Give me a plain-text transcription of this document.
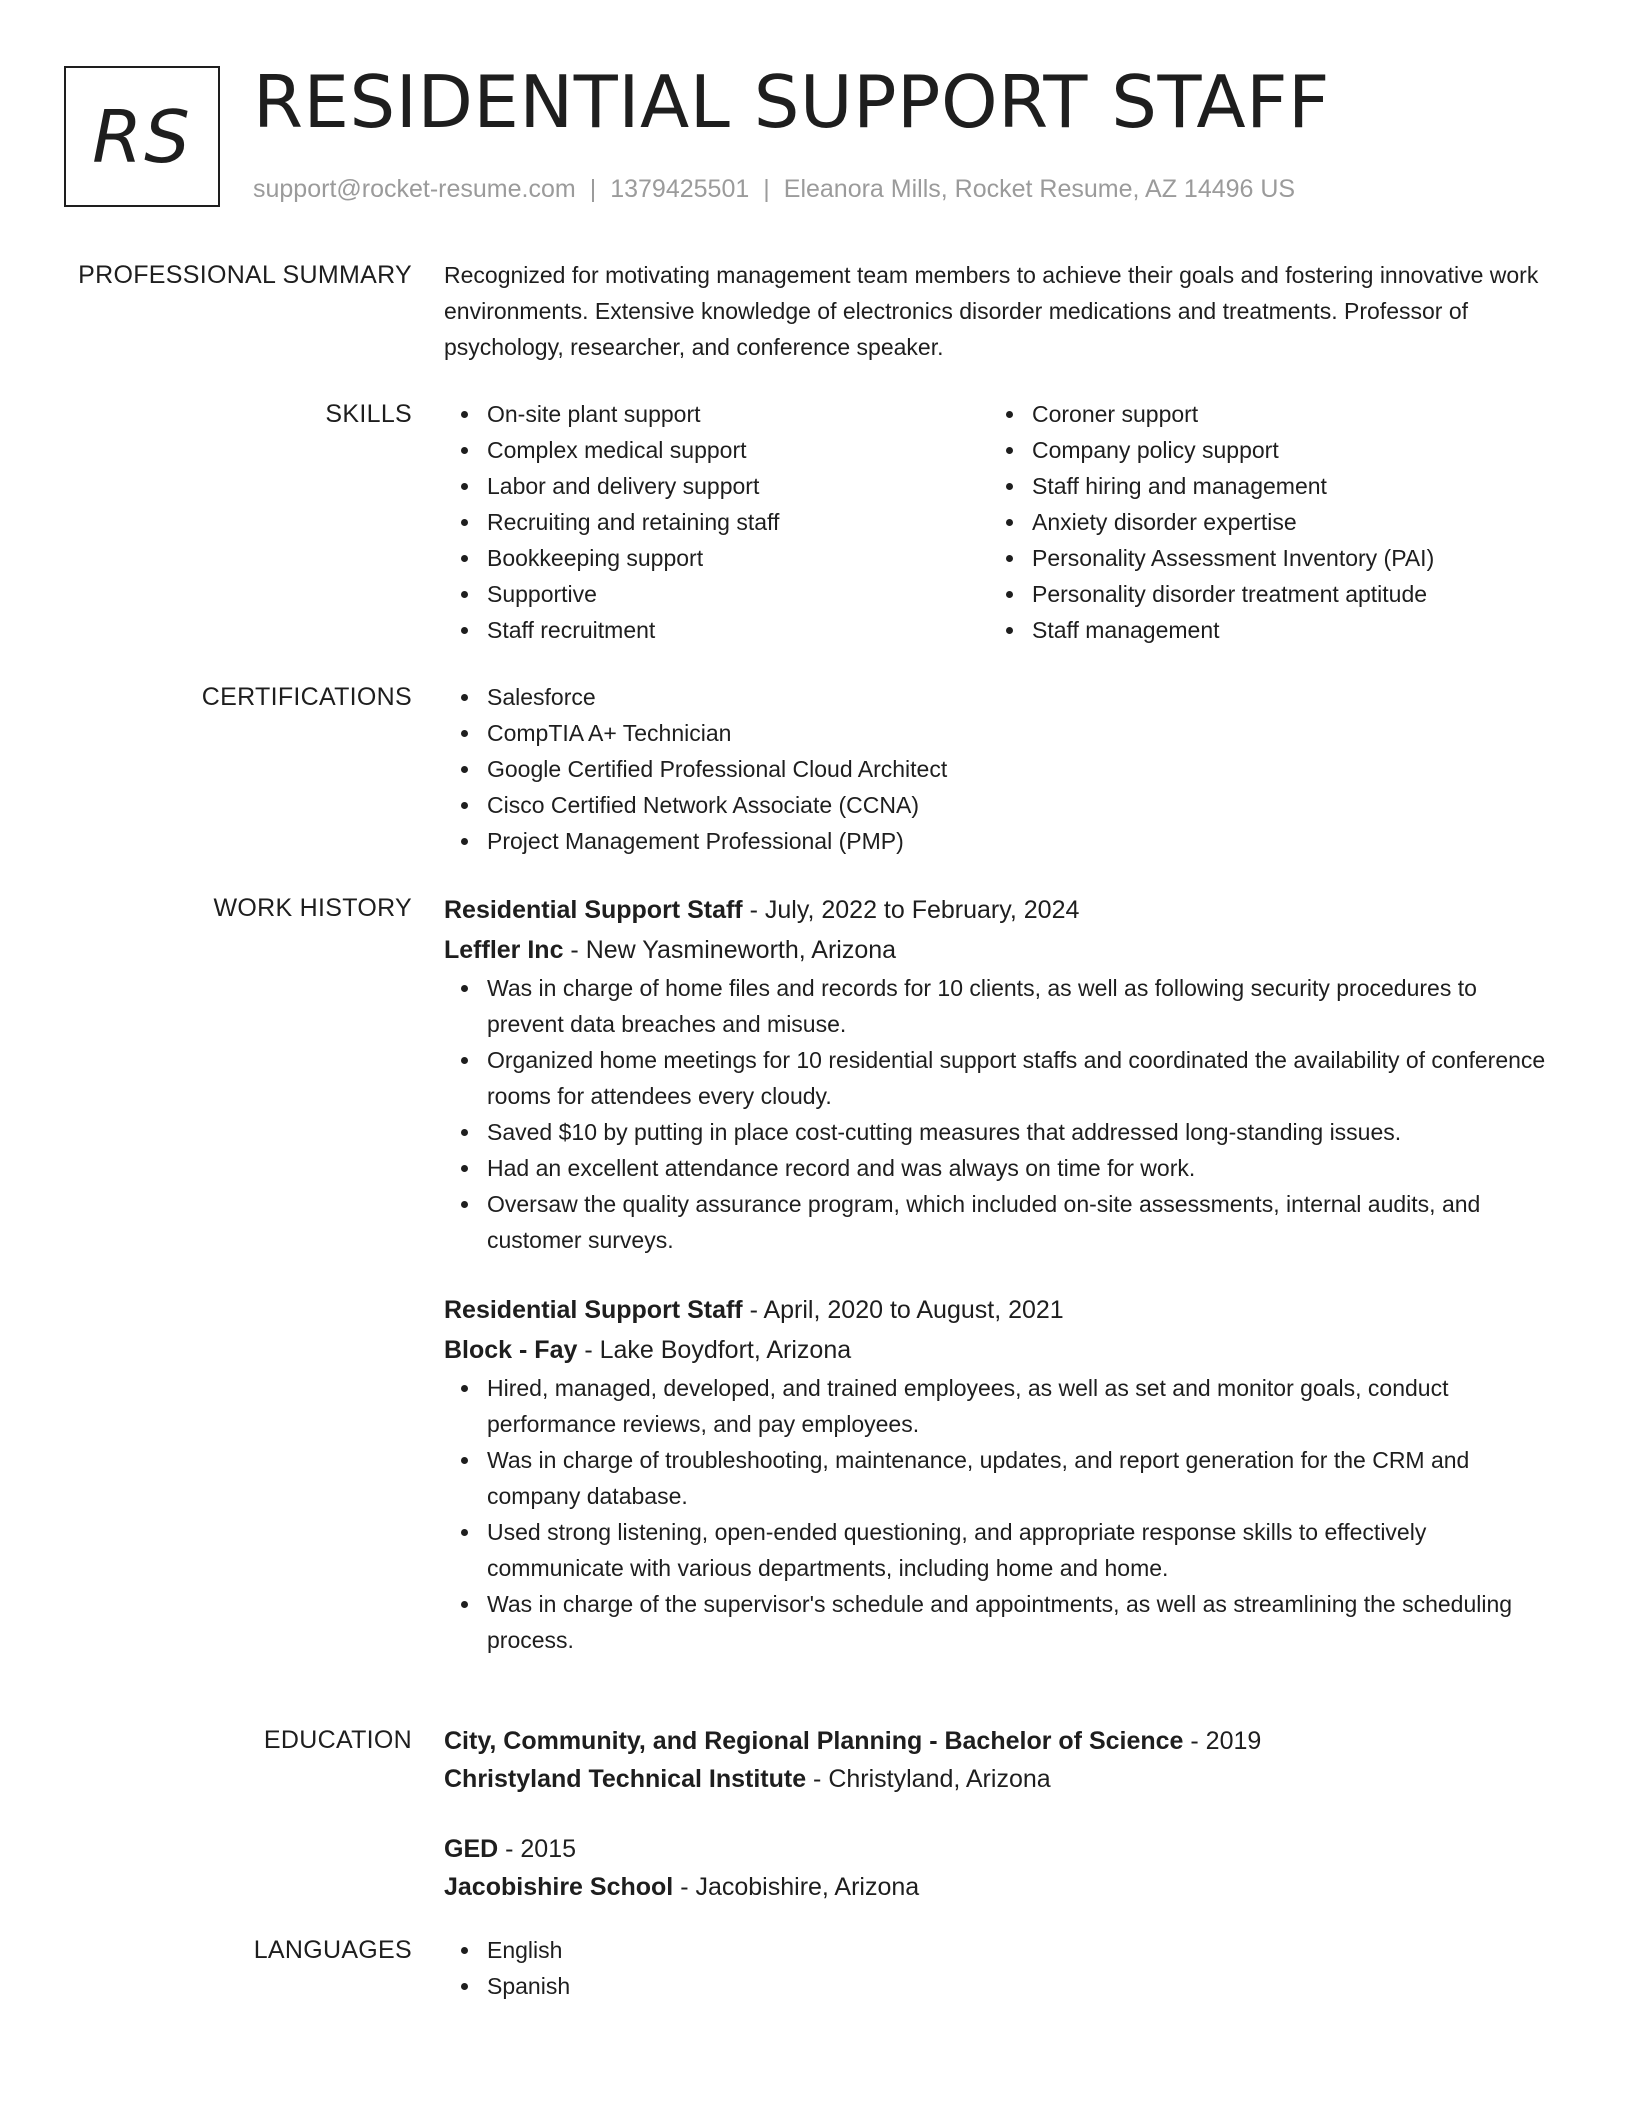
RS RESIDENTIAL SUPPORT STAFF
support@rocket-resume.com | 1379425501 | Eleanora Mills, Rocket Resume, AZ 14496 US
PROFESSIONAL SUMMARY Recognized for motivating management team members to achieve their goals and fostering innovative work environments. Extensive knowledge of electronics disorder medications and treatments. Professor of psychology, researcher, and conference speaker.

SKILLS	On-site plant support
Complex medical support
Labor and delivery support
Recruiting and retaining staff
Bookkeeping support
Supportive
Staff recruitment
Coroner support
Company policy support
Staff hiring and management
Anxiety disorder expertise
Personality Assessment Inventory (PAI)
Personality disorder treatment aptitude
Staff management
CERTIFICATIONS	Salesforce
CompTIA A+ Technician
Google Certified Professional Cloud Architect
Cisco Certified Network Associate (CCNA)
Project Management Professional (PMP)
WORK HISTORY Residential Support Staff - July, 2022 to February, 2024
Leffler Inc - New Yasmineworth, Arizona
Was in charge of home files and records for 10 clients, as well as following security procedures to prevent data breaches and misuse.
Organized home meetings for 10 residential support staffs and coordinated the availability of conference rooms for attendees every cloudy.
Saved $10 by putting in place cost-cutting measures that addressed long-standing issues.
Had an excellent attendance record and was always on time for work.
Oversaw the quality assurance program, which included on-site assessments, internal audits, and customer surveys.
Residential Support Staff - April, 2020 to August, 2021
Block - Fay - Lake Boydfort, Arizona
Hired, managed, developed, and trained employees, as well as set and monitor goals, conduct performance reviews, and pay employees.
Was in charge of troubleshooting, maintenance, updates, and report generation for the CRM and company database.
Used strong listening, open-ended questioning, and appropriate response skills to effectively communicate with various departments, including home and home.
Was in charge of the supervisor's schedule and appointments, as well as streamlining the scheduling process.
EDUCATION City, Community, and Regional Planning - Bachelor of Science - 2019
Christyland Technical Institute - Christyland, Arizona
GED - 2015
Jacobishire School - Jacobishire, Arizona
LANGUAGES	English
Spanish
